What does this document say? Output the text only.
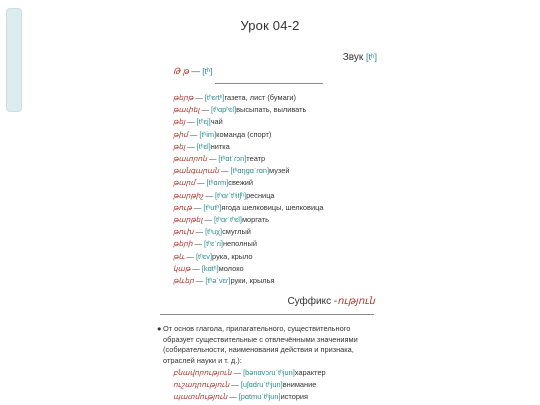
Урок 04-2
Звук [tʰ]
Թ թ — [tʰ]
թերթ — [tʰɛɾtʰ]газета, лист (бумаги)
թափել — [tʰɑpʰɛl]высыпать, выливать
թեյ — [tʰɛj]чай
թիմ — [tʰim]команда (спорт)
թել — [tʰɛl]нитка
թատրոն — [tʰɑtˈɾɔn]театр
թանգարան — [tʰɑŋɡɑˈɾɑn]музей
թարմ — [tʰɑɾm]свежий
թարթիչ — [tʰɑɾˈtʰitʃʰ]ресница
թութ — [tʰutʰ]ягода шелковицы, шелковица
թարթել — [tʰɑɾˈtʰɛl]моргать
թուխ — [tʰuχ]смуглый
թերի — [tʰɛˈɾi]неполный
թև — [tʰɛv]рука, крыло
կաթ — [kɑtʰ]молоко
թևեր — [tʰəˈvɛɾ]руки, крылья
Суффикс -ություն
● От основ глагола, прилагательного, существительного образует существительные с отвлечёнными значениями (собирательности, наименования действия и признака, отраслей науки и т. д.):
բնավորություն — [bənɑvɔɾuˈtʰjun]характер
ուշադրություն — [uʃɑdɾuˈtʰjun]внимание
պատմություն — [pɑtmuˈtʰjun]история
